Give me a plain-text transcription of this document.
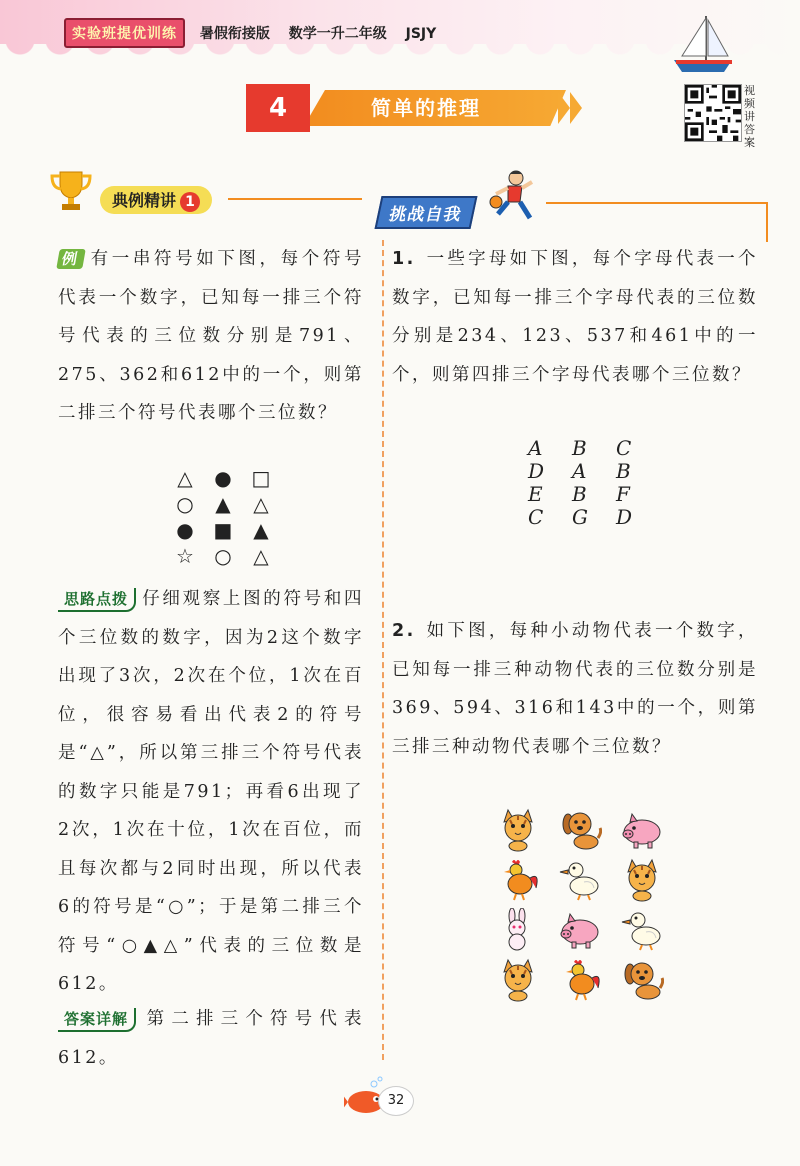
实验班提优训练 暑假衔接版 数学一升二年级 JSJY
4	简单的推理
视频讲答案
典例精讲 1
挑战自我
例 有一串符号如下图，每个符号代表一个数字，已知每一排三个符号代表的三位数分别是791、275、362和612中的一个，则第二排三个符号代表哪个三位数？
△	● □
○	▲	△
● ■	▲
☆	○	△
思路点拨 仔细观察上图的符号和四个三位数的数字，因为2这个数字出现了3次，2次在个位，1次在百位，很容易看出代表2的符号是“△”，所以第三排三个符号代表的数字只能是791；再看6出现了2次，1次在十位，1次在百位，而且每次都与2同时出现，所以代表6的符号是“○”；于是第二排三个符号“○▲△”代表的三位数是612。
答案详解 第二排三个符号代表612。
1. 一些字母如下图，每个字母代表一个数字，已知每一排三个字母代表的三位数分别是234、123、537和461中的一个，则第四排三个字母代表哪个三位数？
A	B	C
D	A	B
E	B	F
C	G	D
2. 如下图，每种小动物代表一个数字，已知每一排三种动物代表的三位数分别是369、594、316和143中的一个，则第三排三种动物代表哪个三位数？
32
